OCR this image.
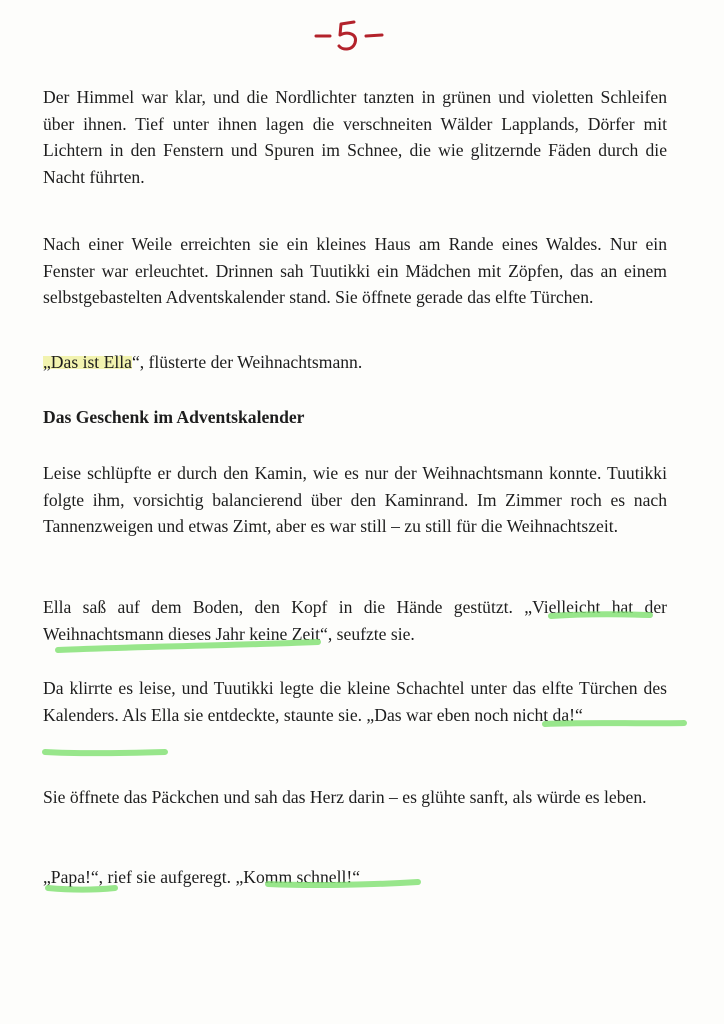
Der Himmel war klar, und die Nordlichter tanzten in grünen und violetten Schleifen über ihnen. Tief unter ihnen lagen die verschneiten Wälder Lapplands, Dörfer mit Lichtern in den Fenstern und Spuren im Schnee, die wie glitzernde Fäden durch die Nacht führten.

Nach einer Weile erreichten sie ein kleines Haus am Rande eines Waldes. Nur ein Fenster war erleuchtet. Drinnen sah Tuutikki ein Mädchen mit Zöpfen, das an einem selbstgebastelten Adventskalender stand. Sie öffnete gerade das elfte Türchen.

„Das ist Ella“, flüsterte der Weihnachtsmann.

Das Geschenk im Adventskalender

Leise schlüpfte er durch den Kamin, wie es nur der Weihnachtsmann konnte. Tuutikki folgte ihm, vorsichtig balancierend über den Kaminrand. Im Zimmer roch es nach Tannenzweigen und etwas Zimt, aber es war still – zu still für die Weihnachtszeit.

Ella saß auf dem Boden, den Kopf in die Hände gestützt. „Vielleicht hat der Weihnachtsmann dieses Jahr keine Zeit“, seufzte sie.

Da klirrte es leise, und Tuutikki legte die kleine Schachtel unter das elfte Türchen des Kalenders. Als Ella sie entdeckte, staunte sie. „Das war eben noch nicht da!“

Sie öffnete das Päckchen und sah das Herz darin – es glühte sanft, als würde es leben.

„Papa!“, rief sie aufgeregt. „Komm schnell!“
